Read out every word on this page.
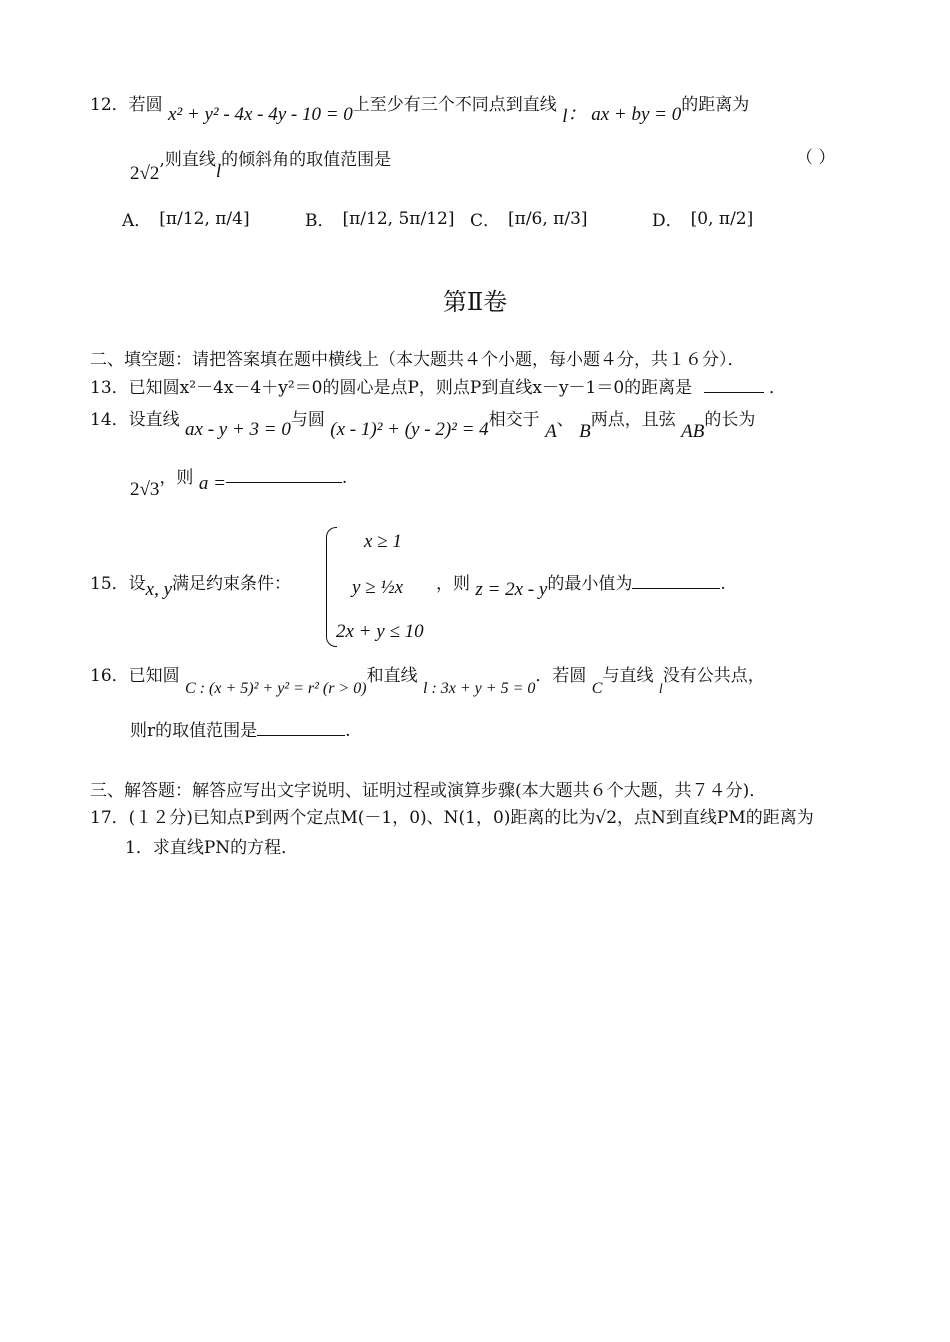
12．若圆 x² + y² - 4x - 4y - 10 = 0上至少有三个不同点到直线 l： ax + by = 0的距离为
2√2,则直线l的倾斜角的取值范围是	（ ）
A． [π/12, π/4]	B． [π/12, 5π/12] C． [π/6, π/3]	D． [0, π/2]
第Ⅱ卷
二、填空题：请把答案填在题中横线上（本大题共４个小题，每小题４分，共１６分）．
13．已知圆x²－4x－4＋y²＝0的圆心是点P，则点P到直线x－y－1＝0的距离是	．
14．设直线 ax - y + 3 = 0与圆 (x - 1)² + (y - 2)² = 4相交于 A、 B两点，且弦 AB的长为
2√3，则 a =	.
x ≥ 1
y ≥ ½x
2x + y ≤ 10
15．设x, y满足约束条件：	，则 z = 2x - y的最小值为	.
16．已知圆 C : (x + 5)² + y² = r² (r > 0)和直线 l : 3x + y + 5 = 0．若圆 C与直线 $_l$没有公共点，
则r的取值范围是	.
三、解答题：解答应写出文字说明、证明过程或演算步骤(本大题共６个大题，共７４分)．
17．(１２分)已知点P到两个定点M(－1，0)、N(1，0)距离的比为√2，点N到直线PM的距离为
1．求直线PN的方程．
